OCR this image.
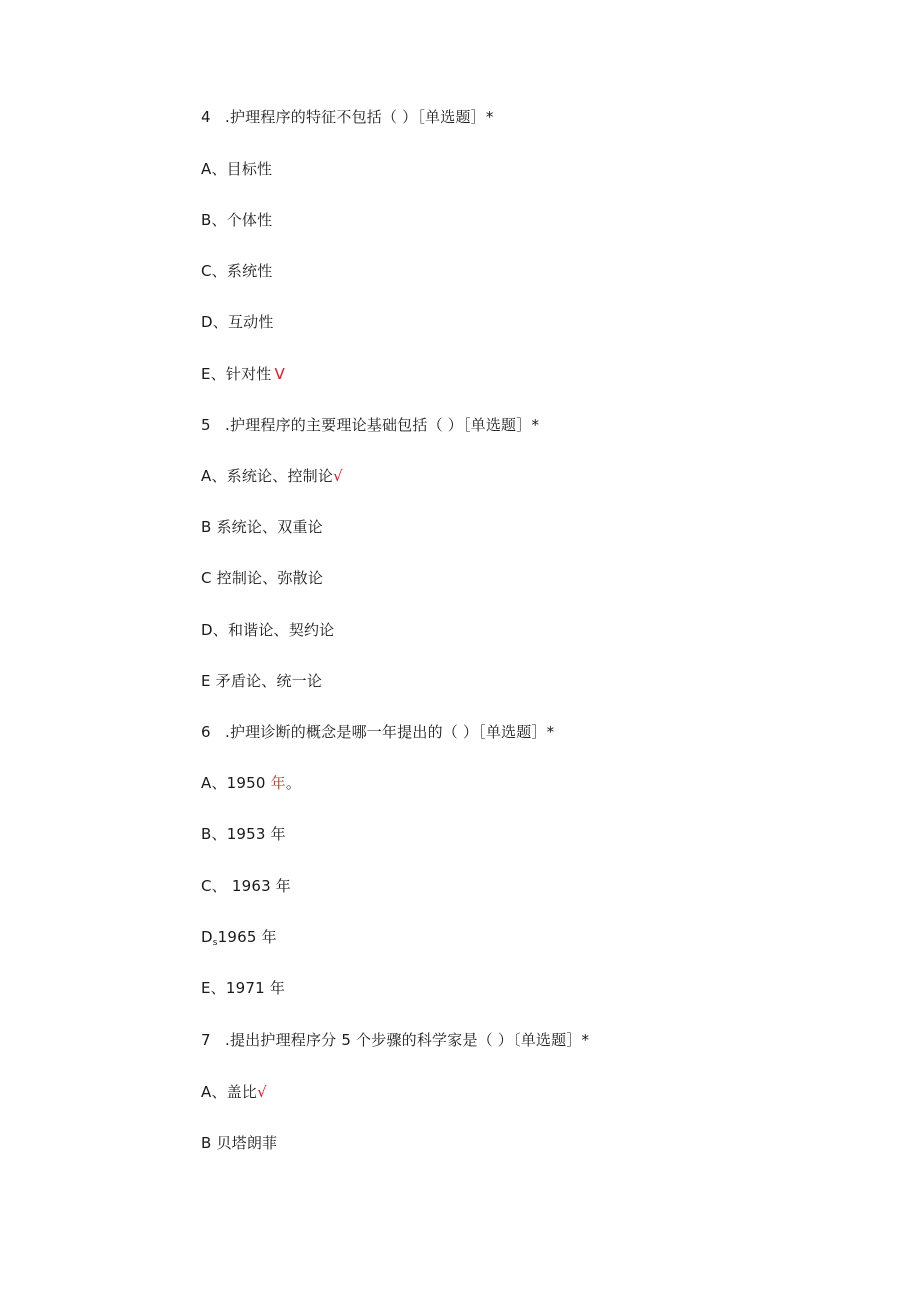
4 .护理程序的特征不包括（ ）［单选题］*
A、目标性
B、个体性
C、系统性
D、互动性
E、针对性 V
5 .护理程序的主要理论基础包括（ ）［单选题］*
A、系统论、控制论√
B 系统论、双重论
C 控制论、弥散论
D、和谐论、契约论
E 矛盾论、统一论
6 .护理诊断的概念是哪一年提出的（ ）［单选题］*
A、1950 年。
B、1953 年
C、 1963 年
$D_s1965$ 年
E、1971 年
7 .提出护理程序分 5 个步骤的科学家是（ ）〔单选题］*
A、盖比√
B 贝塔朗菲
